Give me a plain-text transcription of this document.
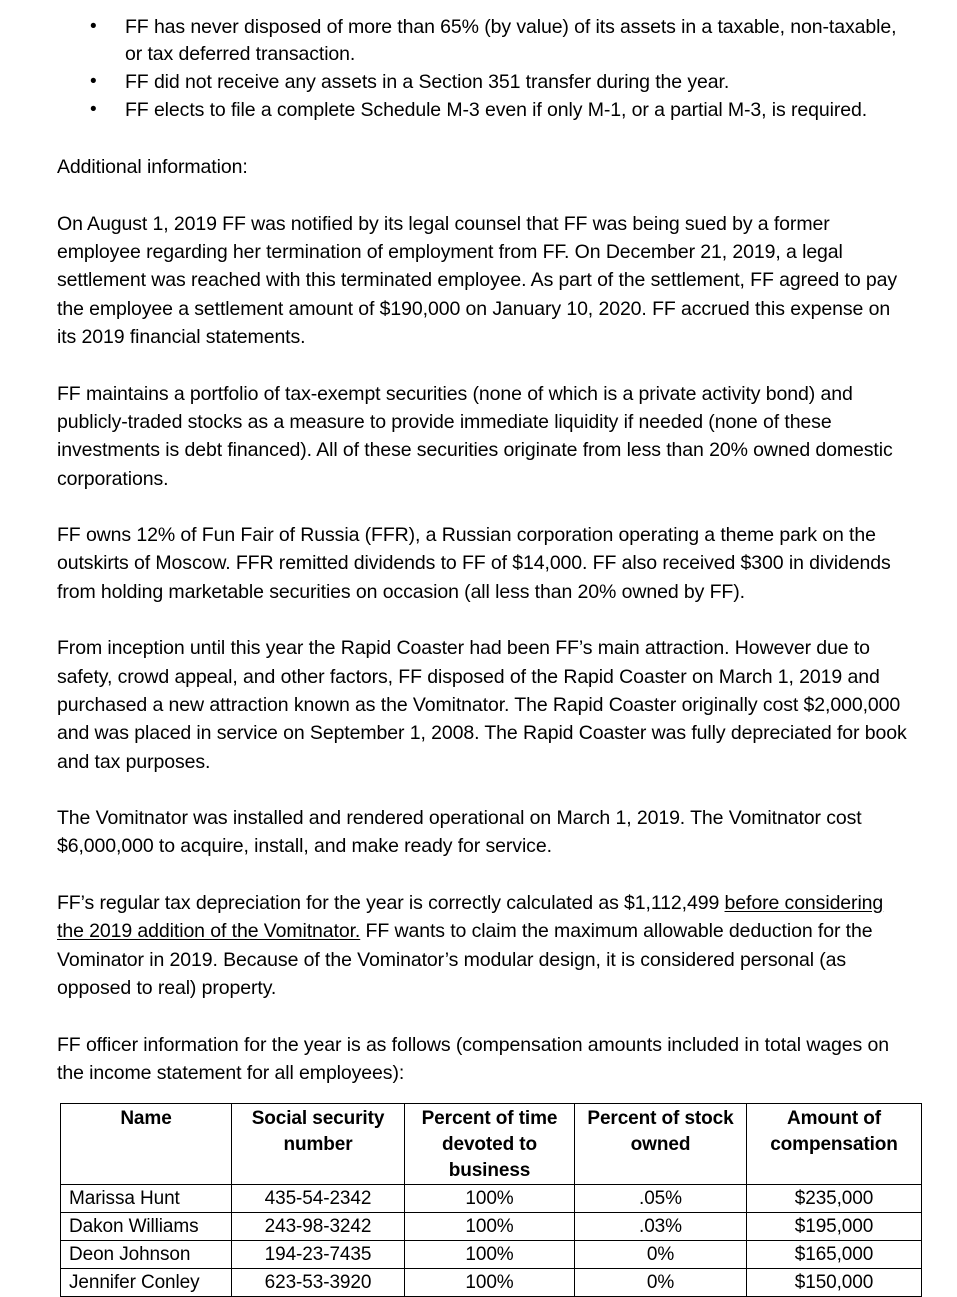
• FF has never disposed of more than 65% (by value) of its assets in a taxable, non-taxable, or tax deferred transaction.
• FF did not receive any assets in a Section 351 transfer during the year.
• FF elects to file a complete Schedule M-3 even if only M-1, or a partial M-3, is required.

Additional information:

On August 1, 2019 FF was notified by its legal counsel that FF was being sued by a former employee regarding her termination of employment from FF. On December 21, 2019, a legal settlement was reached with this terminated employee. As part of the settlement, FF agreed to pay the employee a settlement amount of $190,000 on January 10, 2020. FF accrued this expense on its 2019 financial statements.

FF maintains a portfolio of tax-exempt securities (none of which is a private activity bond) and publicly-traded stocks as a measure to provide immediate liquidity if needed (none of these investments is debt financed). All of these securities originate from less than 20% owned domestic corporations.

FF owns 12% of Fun Fair of Russia (FFR), a Russian corporation operating a theme park on the outskirts of Moscow. FFR remitted dividends to FF of $14,000. FF also received $300 in dividends from holding marketable securities on occasion (all less than 20% owned by FF).

From inception until this year the Rapid Coaster had been FF’s main attraction. However due to safety, crowd appeal, and other factors, FF disposed of the Rapid Coaster on March 1, 2019 and purchased a new attraction known as the Vomitnator. The Rapid Coaster originally cost $2,000,000 and was placed in service on September 1, 2008. The Rapid Coaster was fully depreciated for book and tax purposes.

The Vomitnator was installed and rendered operational on March 1, 2019. The Vomitnator cost $6,000,000 to acquire, install, and make ready for service.

FF’s regular tax depreciation for the year is correctly calculated as $1,112,499 before considering the 2019 addition of the Vomitnator. FF wants to claim the maximum allowable deduction for the Vominator in 2019. Because of the Vominator’s modular design, it is considered personal (as opposed to real) property.

FF officer information for the year is as follows (compensation amounts included in total wages on the income statement for all employees):

Name	Social security number	Percent of time devoted to business	Percent of stock owned	Amount of compensation
Marissa Hunt	435-54-2342	100%	.05%	$235,000
Dakon Williams	243-98-3242	100%	.03%	$195,000
Deon Johnson	194-23-7435	100%	0%	$165,000
Jennifer Conley	623-53-3920	100%	0%	$150,000
